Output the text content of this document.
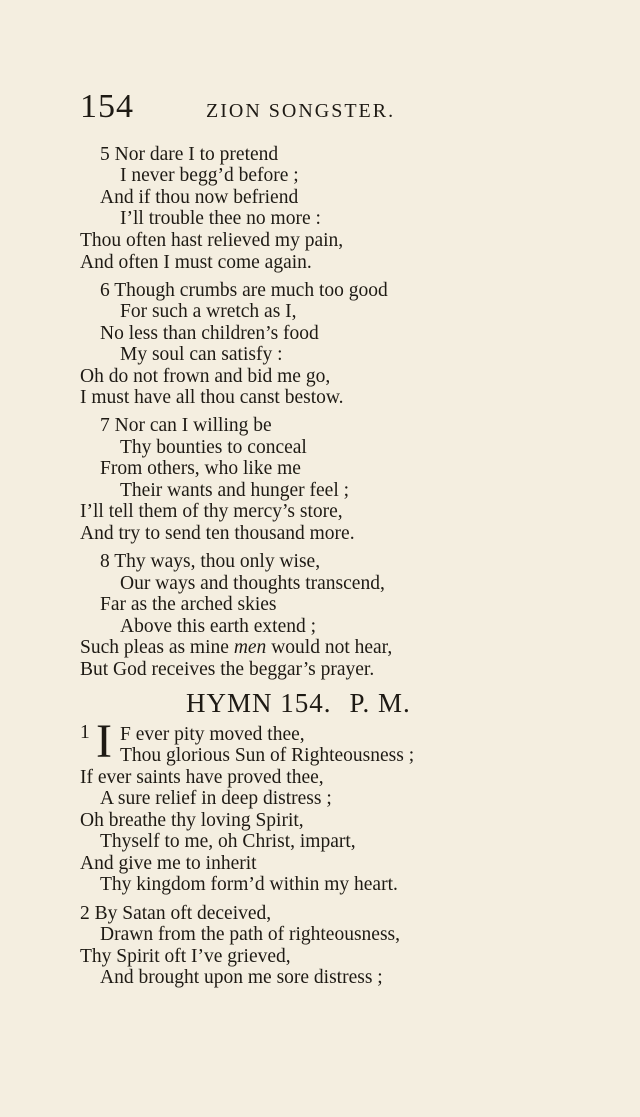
154	ZION SONGSTER.
5 Nor dare I to pretend
I never begg’d before ;
And if thou now befriend
I’ll trouble thee no more :
Thou often hast relieved my pain,
And often I must come again.
6 Though crumbs are much too good
For such a wretch as I,
No less than children’s food
My soul can satisfy :
Oh do not frown and bid me go,
I must have all thou canst bestow.
7 Nor can I willing be
Thy bounties to conceal
From others, who like me
Their wants and hunger feel ;
I’ll tell them of thy mercy’s store,
And try to send ten thousand more.
8 Thy ways, thou only wise,
Our ways and thoughts transcend,
Far as the arched skies
Above this earth extend ;
Such pleas as mine men would not hear,
But God receives the beggar’s prayer.
HYMN 154. P. M.
1 I F ever pity moved thee,
Thou glorious Sun of Righteousness ;
If ever saints have proved thee,
A sure relief in deep distress ;
Oh breathe thy loving Spirit,
Thyself to me, oh Christ, impart,
And give me to inherit
Thy kingdom form’d within my heart.
2 By Satan oft deceived,
Drawn from the path of righteousness,
Thy Spirit oft I’ve grieved,
And brought upon me sore distress ;
